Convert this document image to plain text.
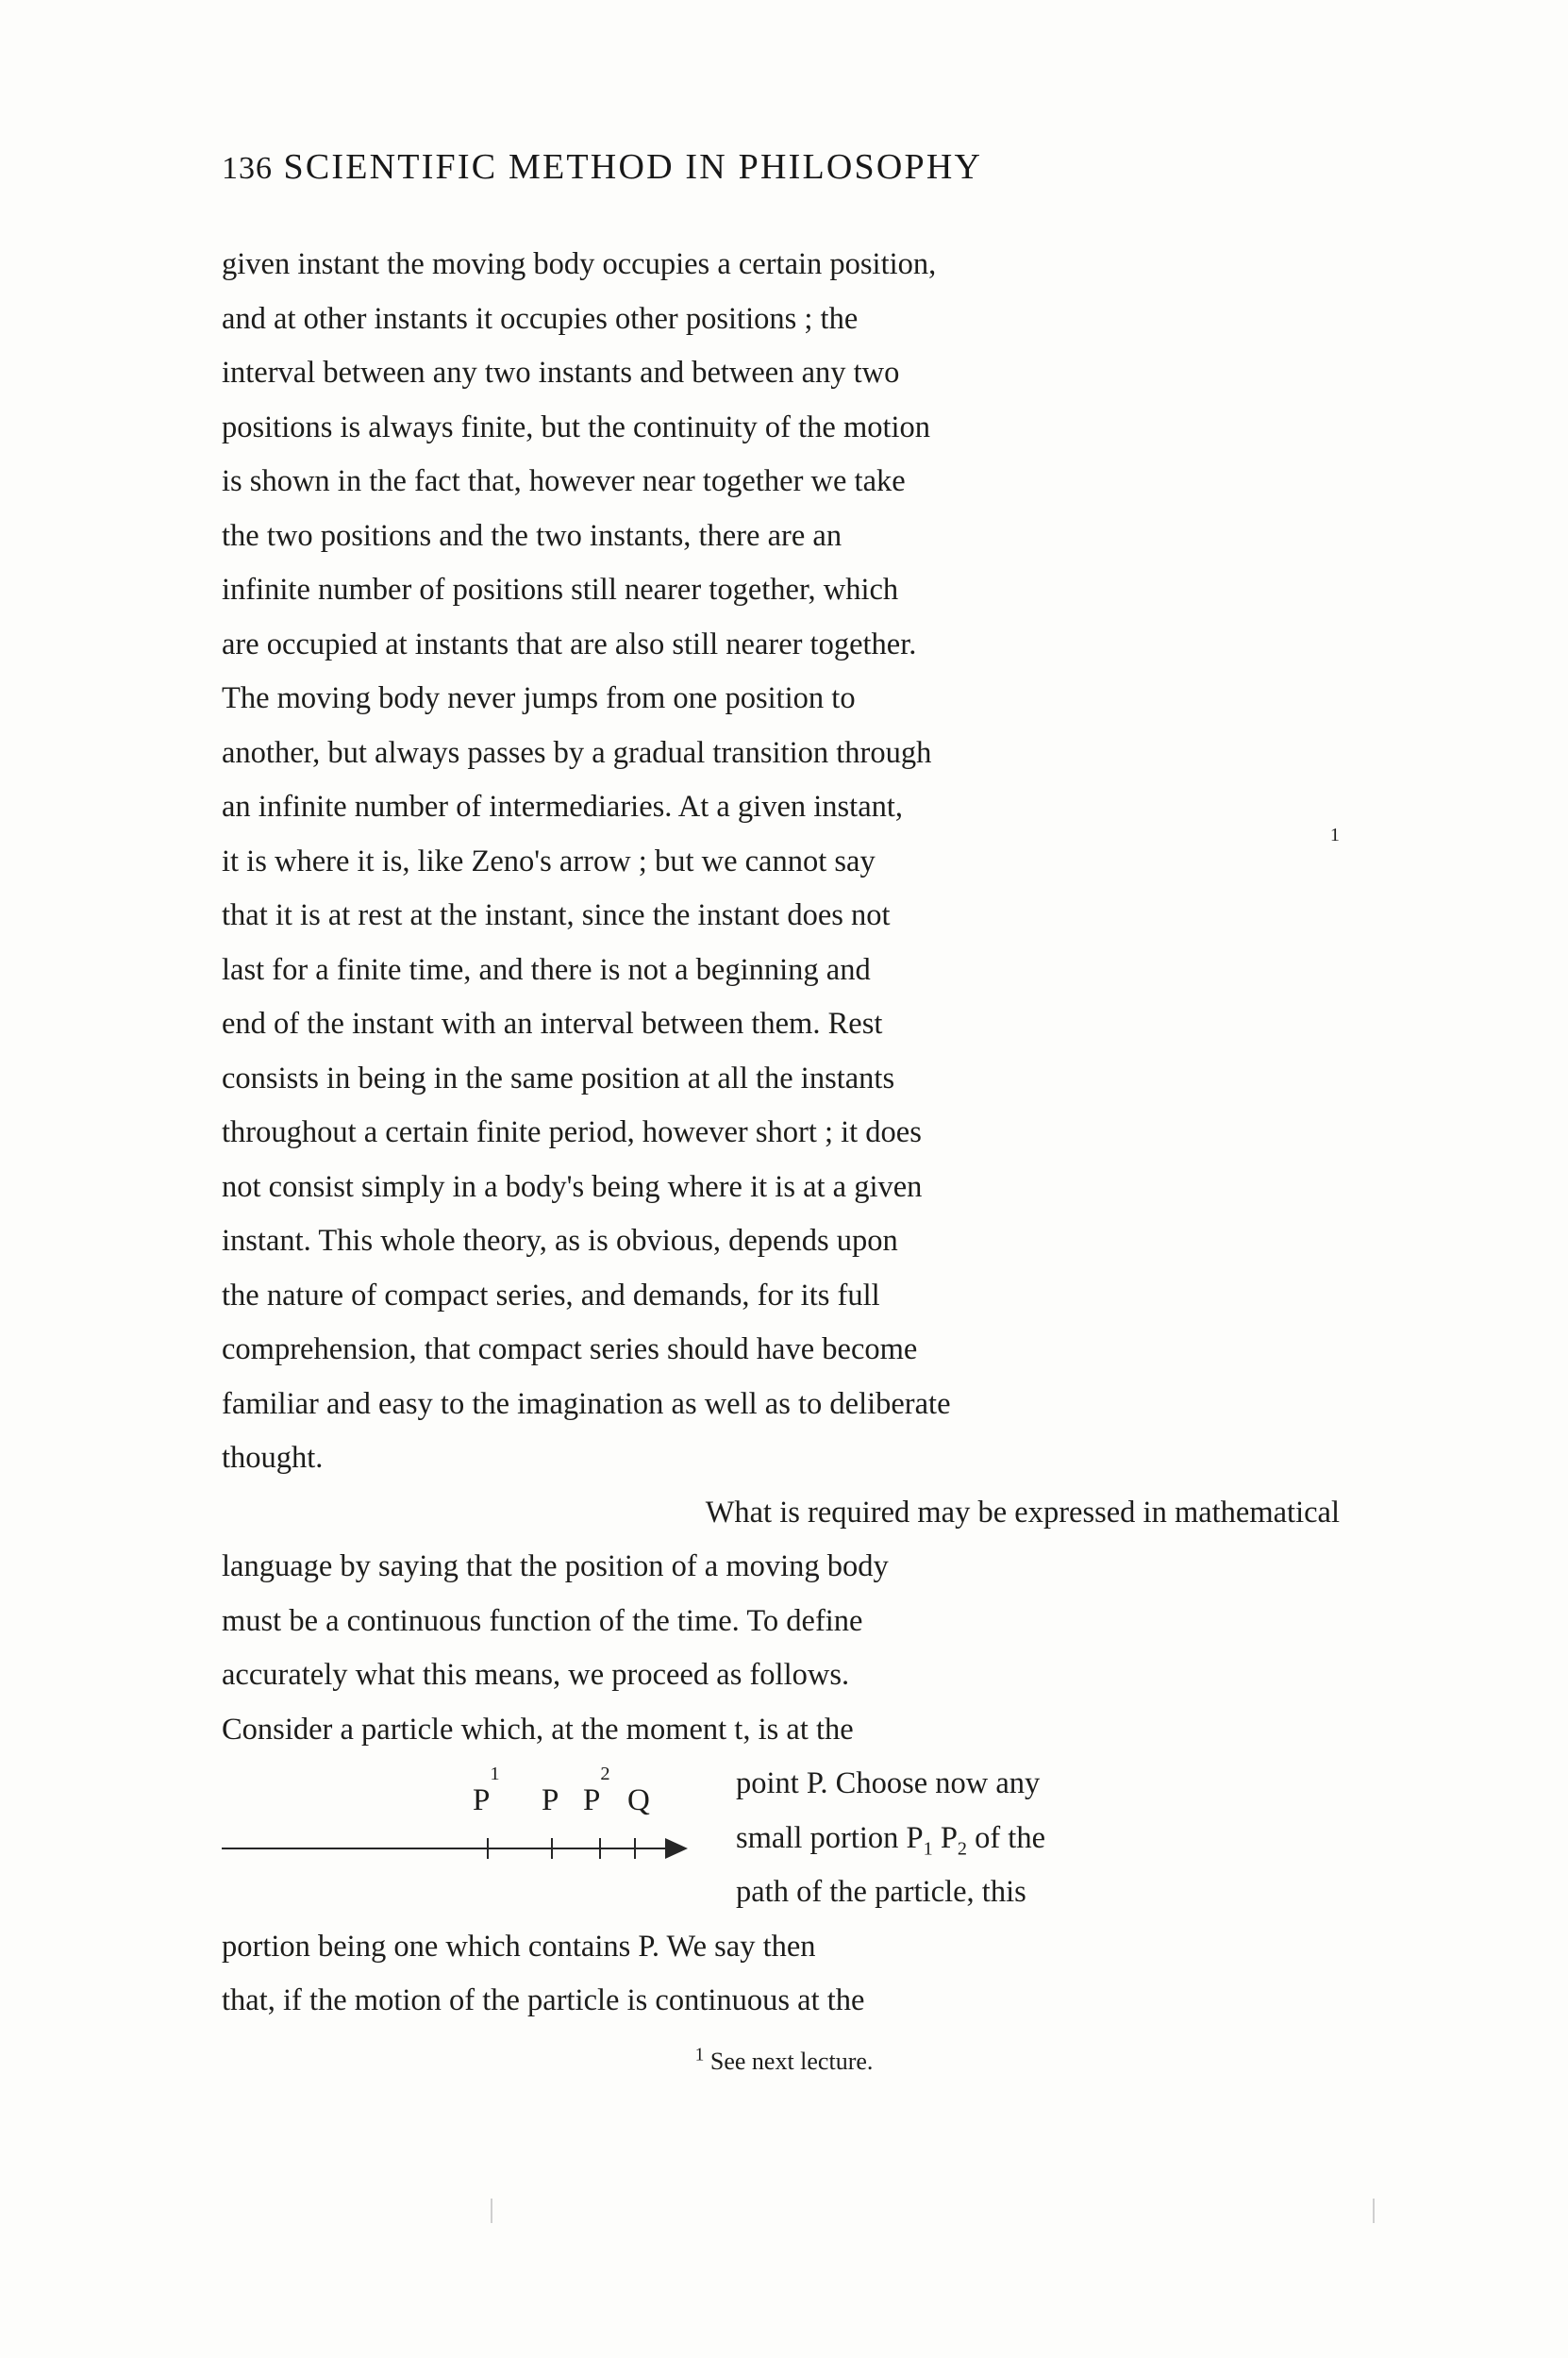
136 SCIENTIFIC METHOD IN PHILOSOPHY
given instant the moving body occupies a certain position,
and at other instants it occupies other positions ; the
interval between any two instants and between any two
positions is always finite, but the continuity of the motion
is shown in the fact that, however near together we take
the two positions and the two instants, there are an
infinite number of positions still nearer together, which
are occupied at instants that are also still nearer together.
The moving body never jumps from one position to
another, but always passes by a gradual transition through
an infinite number of intermediaries. At a given instant,
it is where it is, like Zeno's arrow ; but we cannot say
1
that it is at rest at the instant, since the instant does not
last for a finite time, and there is not a beginning and
end of the instant with an interval between them. Rest
consists in being in the same position at all the instants
throughout a certain finite period, however short ; it does
not consist simply in a body's being where it is at a given
instant. This whole theory, as is obvious, depends upon
the nature of compact series, and demands, for its full
comprehension, that compact series should have become
familiar and easy to the imagination as well as to deliberate
thought.
What is required may be expressed in mathematical
language by saying that the position of a moving body
must be a continuous function of the time. To define
accurately what this means, we proceed as follows.
Consider a particle which, at the moment t, is at the
P
1
P P
2
Q	point P. Choose now any
small portion $P_1$ $P_2$ of the
path of the particle, this
portion being one which contains P. We say then
that, if the motion of the particle is continuous at the
$^1$ See next lecture.
